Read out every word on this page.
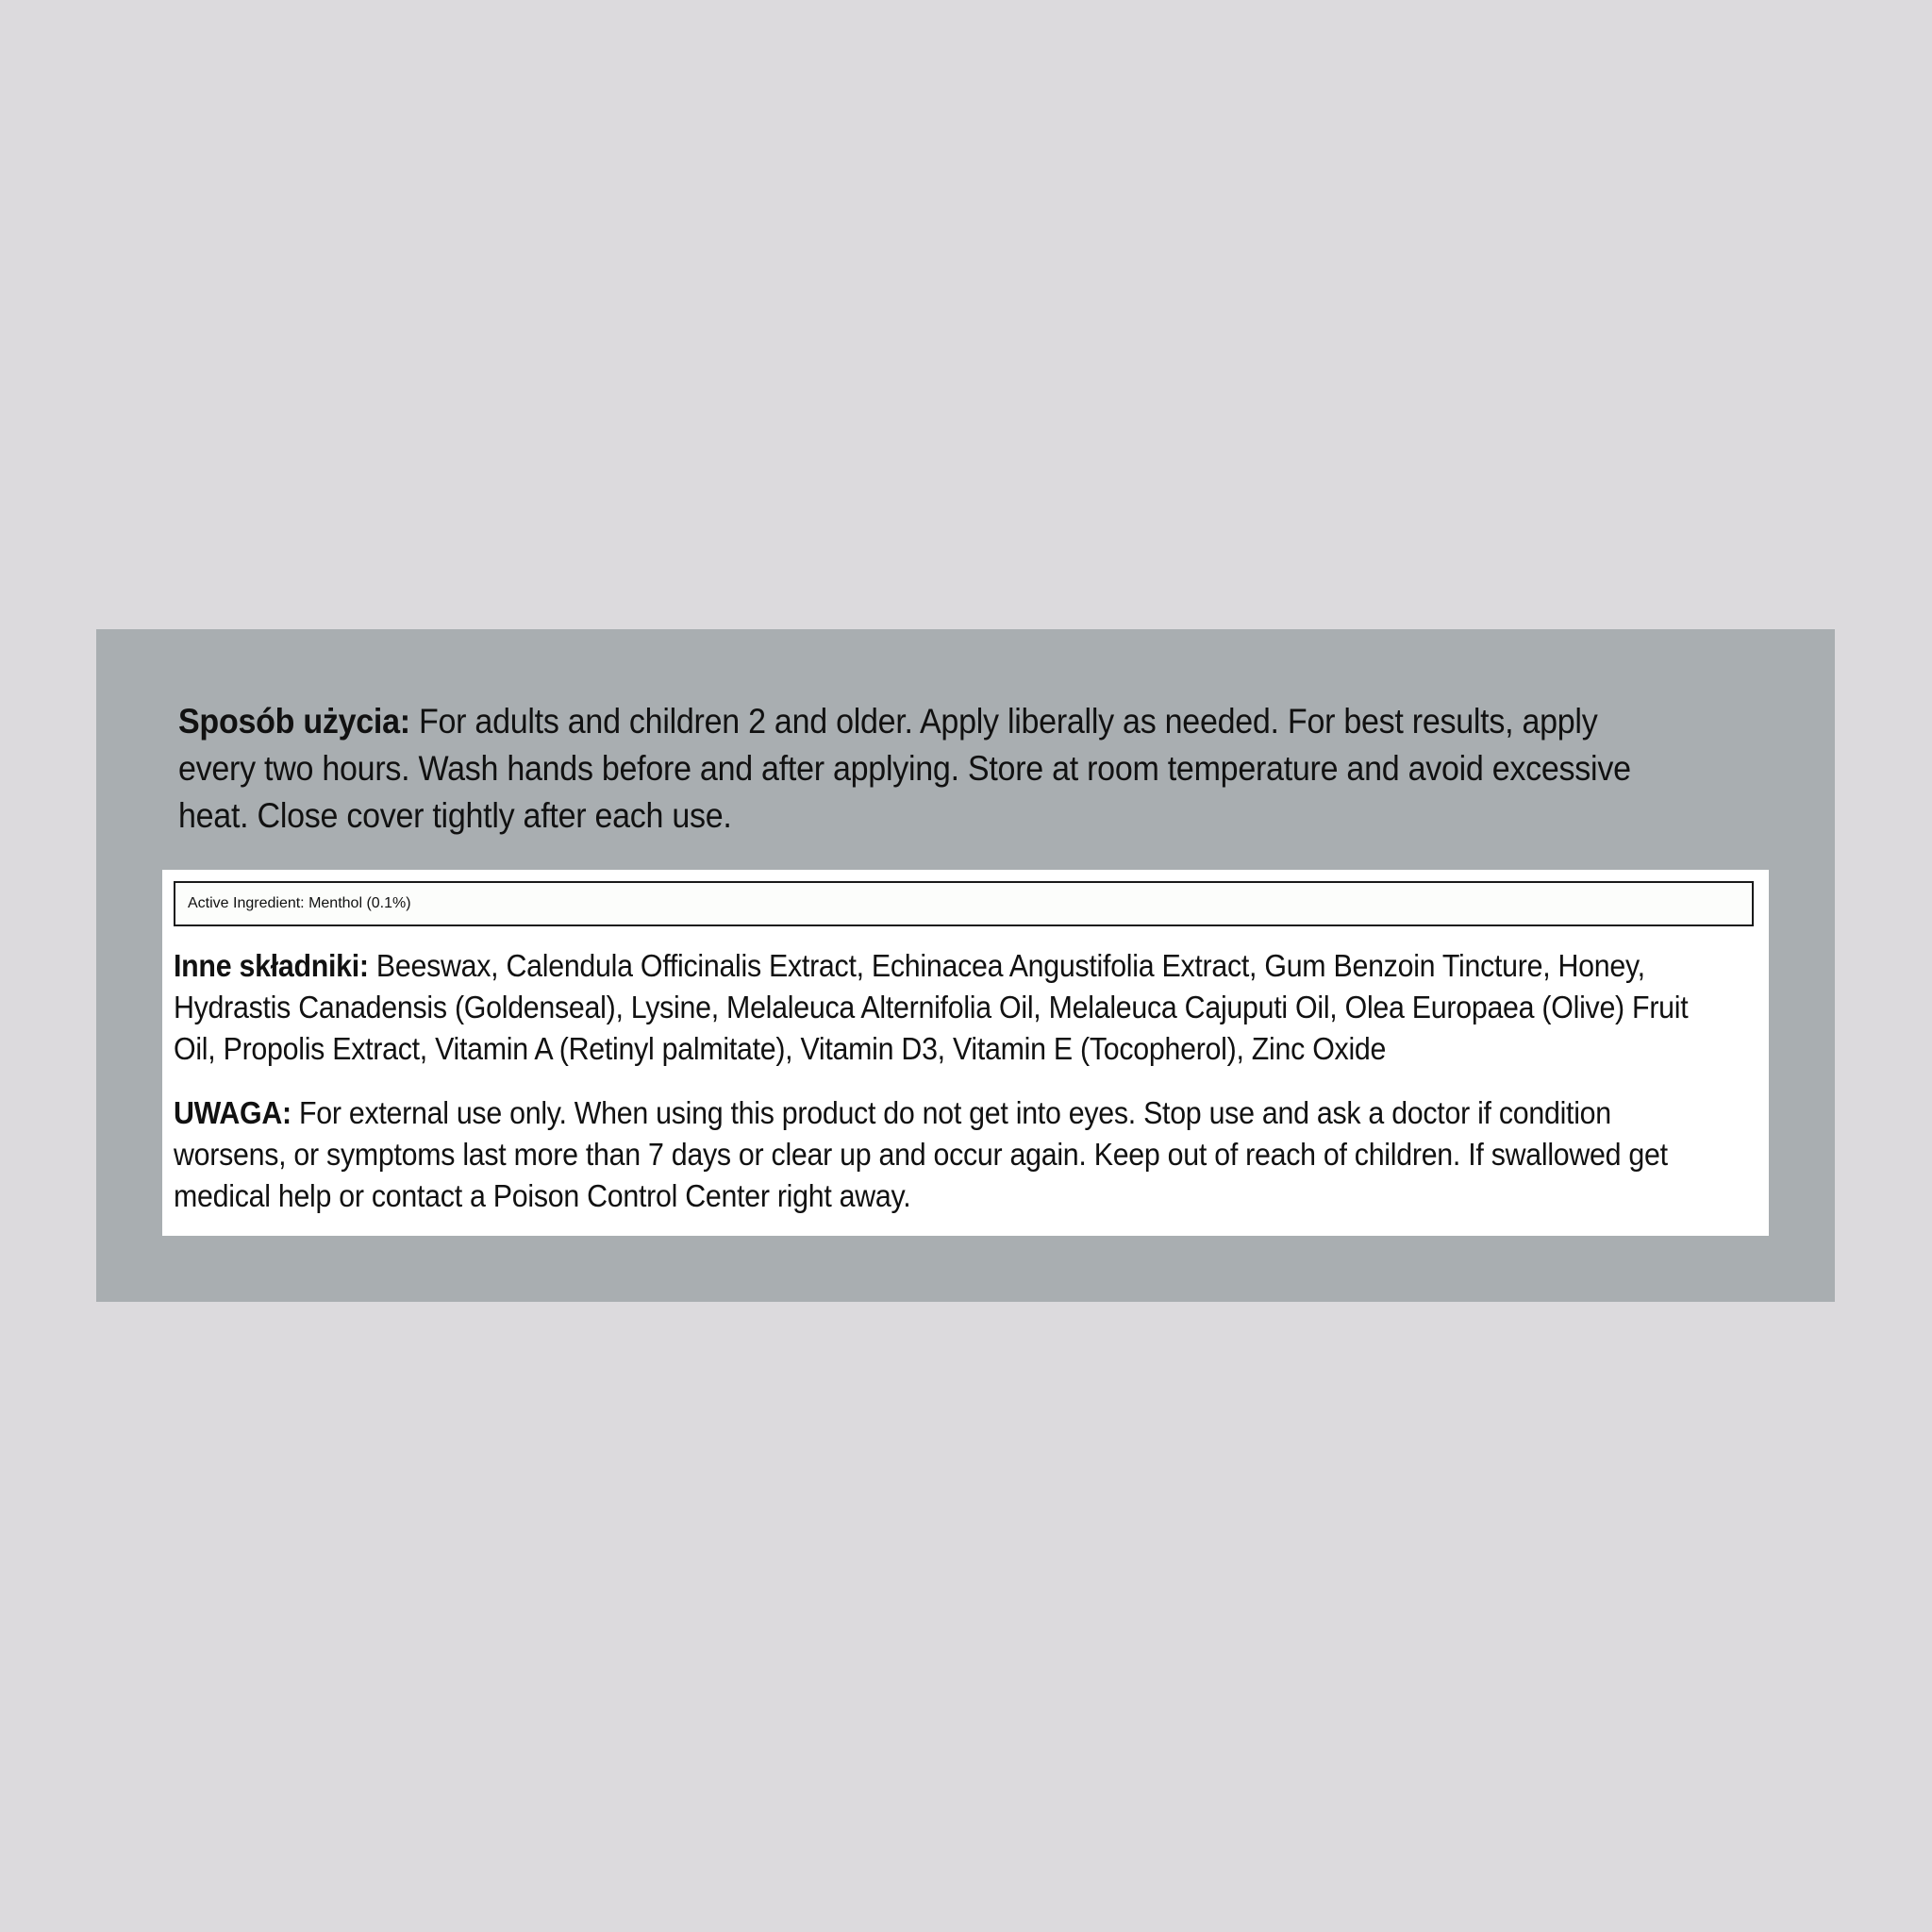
Sposób użycia: For adults and children 2 and older. Apply liberally as needed. For best results, apply every two hours. Wash hands before and after applying. Store at room temperature and avoid excessive heat. Close cover tightly after each use.

Active Ingredient: Menthol (0.1%)

Inne składniki: Beeswax, Calendula Officinalis Extract, Echinacea Angustifolia Extract, Gum Benzoin Tincture, Honey, Hydrastis Canadensis (Goldenseal), Lysine, Melaleuca Alternifolia Oil, Melaleuca Cajuputi Oil, Olea Europaea (Olive) Fruit Oil, Propolis Extract, Vitamin A (Retinyl palmitate), Vitamin D3, Vitamin E (Tocopherol), Zinc Oxide

UWAGA: For external use only. When using this product do not get into eyes. Stop use and ask a doctor if condition worsens, or symptoms last more than 7 days or clear up and occur again. Keep out of reach of children. If swallowed get medical help or contact a Poison Control Center right away.
